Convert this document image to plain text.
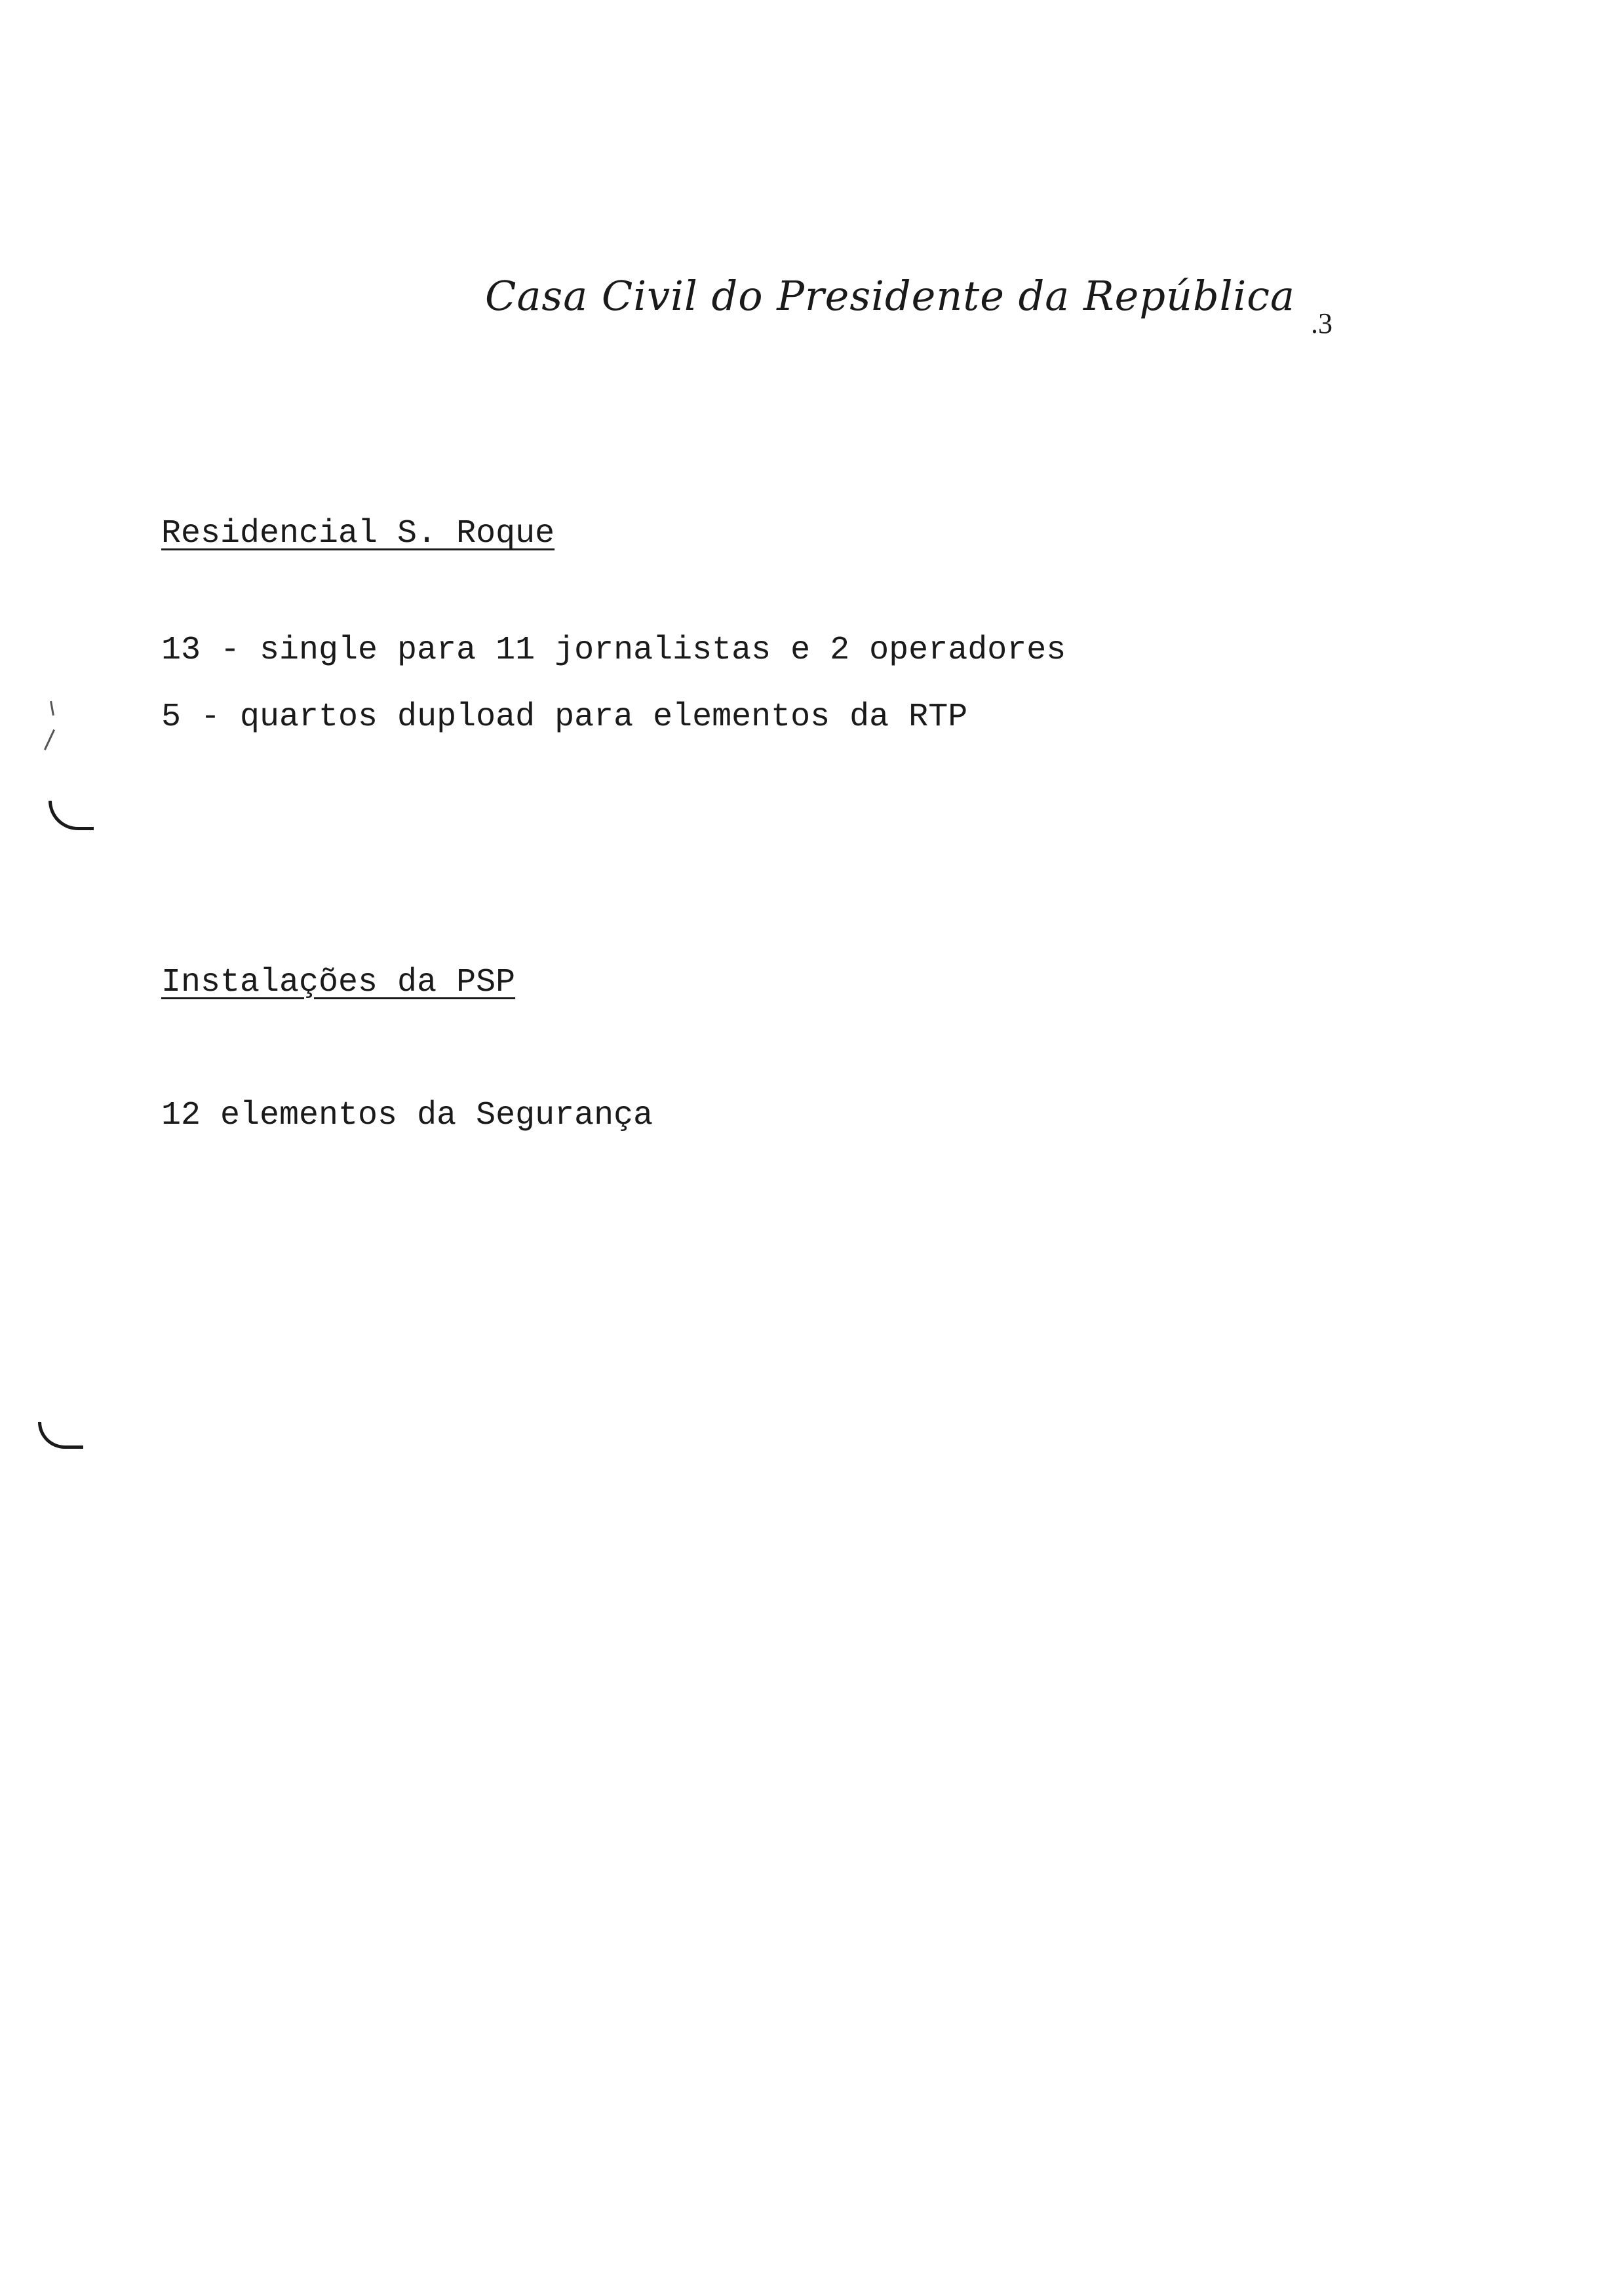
Casa Civil do Presidente da República
.3
Residencial S. Roque
13 - single para 11 jornalistas e 2 operadores
5 - quartos dupload para elementos da RTP
Instalações da PSP
12 elementos da Segurança
